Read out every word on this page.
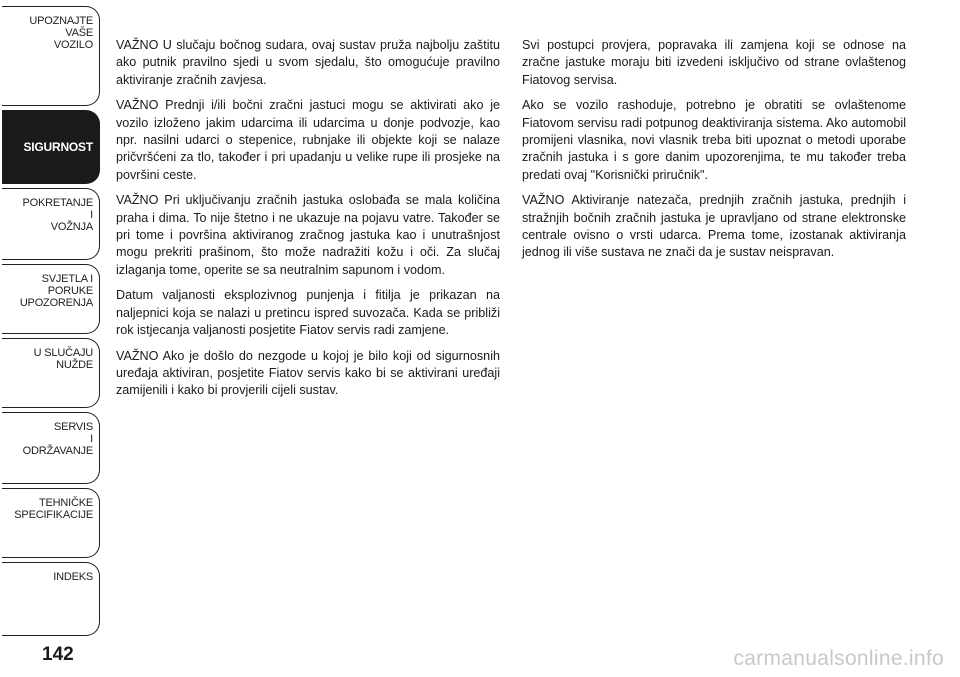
UPOZNAJTE
VAŠE
VOZILO
SIGURNOST
POKRETANJE
I
VOŽNJA
SVJETLA I
PORUKE
UPOZORENJA
U SLUČAJU
NUŽDE
SERVIS
I
ODRŽAVANJE
TEHNIČKE
SPECIFIKACIJE
INDEKS
142

VAŽNO U slučaju bočnog sudara, ovaj sustav pruža najbolju zaštitu ako putnik pravilno sjedi u svom sjedalu, što omogućuje pravilno aktiviranje zračnih zavjesa.

VAŽNO Prednji i/ili bočni zračni jastuci mogu se aktivirati ako je vozilo izloženo jakim udarcima ili udarcima u donje podvozje, kao npr. nasilni udarci o stepenice, rubnjake ili objekte koji se nalaze pričvršćeni za tlo, također i pri upadanju u velike rupe ili prosjeke na površini ceste.

VAŽNO Pri uključivanju zračnih jastuka oslobađa se mala količina praha i dima. To nije štetno i ne ukazuje na pojavu vatre. Također se pri tome i površina aktiviranog zračnog jastuka kao i unutrašnjost mogu prekriti prašinom, što može nadražiti kožu i oči. Za slučaj izlaganja tome, operite se sa neutralnim sapunom i vodom.

Datum valjanosti eksplozivnog punjenja i fitilja je prikazan na naljepnici koja se nalazi u pretincu ispred suvozača. Kada se približi rok istjecanja valjanosti posjetite Fiatov servis radi zamjene.

VAŽNO Ako je došlo do nezgode u kojoj je bilo koji od sigurnosnih uređaja aktiviran, posjetite Fiatov servis kako bi se aktivirani uređaji zamijenili i kako bi provjerili cijeli sustav.

Svi postupci provjera, popravaka ili zamjena koji se odnose na zračne jastuke moraju biti izvedeni isključivo od strane ovlaštenog Fiatovog servisa.

Ako se vozilo rashoduje, potrebno je obratiti se ovlaštenome Fiatovom servisu radi potpunog deaktiviranja sistema. Ako automobil promijeni vlasnika, novi vlasnik treba biti upoznat o metodi uporabe zračnih jastuka i s gore danim upozorenjima, te mu također treba predati ovaj "Korisnički priručnik".

VAŽNO Aktiviranje natezača, prednjih zračnih jastuka, prednjih i stražnjih bočnih zračnih jastuka je upravljano od strane elektronske centrale ovisno o vrsti udarca. Prema tome, izostanak aktiviranja jednog ili više sustava ne znači da je sustav neispravan.

carmanualsonline.info
